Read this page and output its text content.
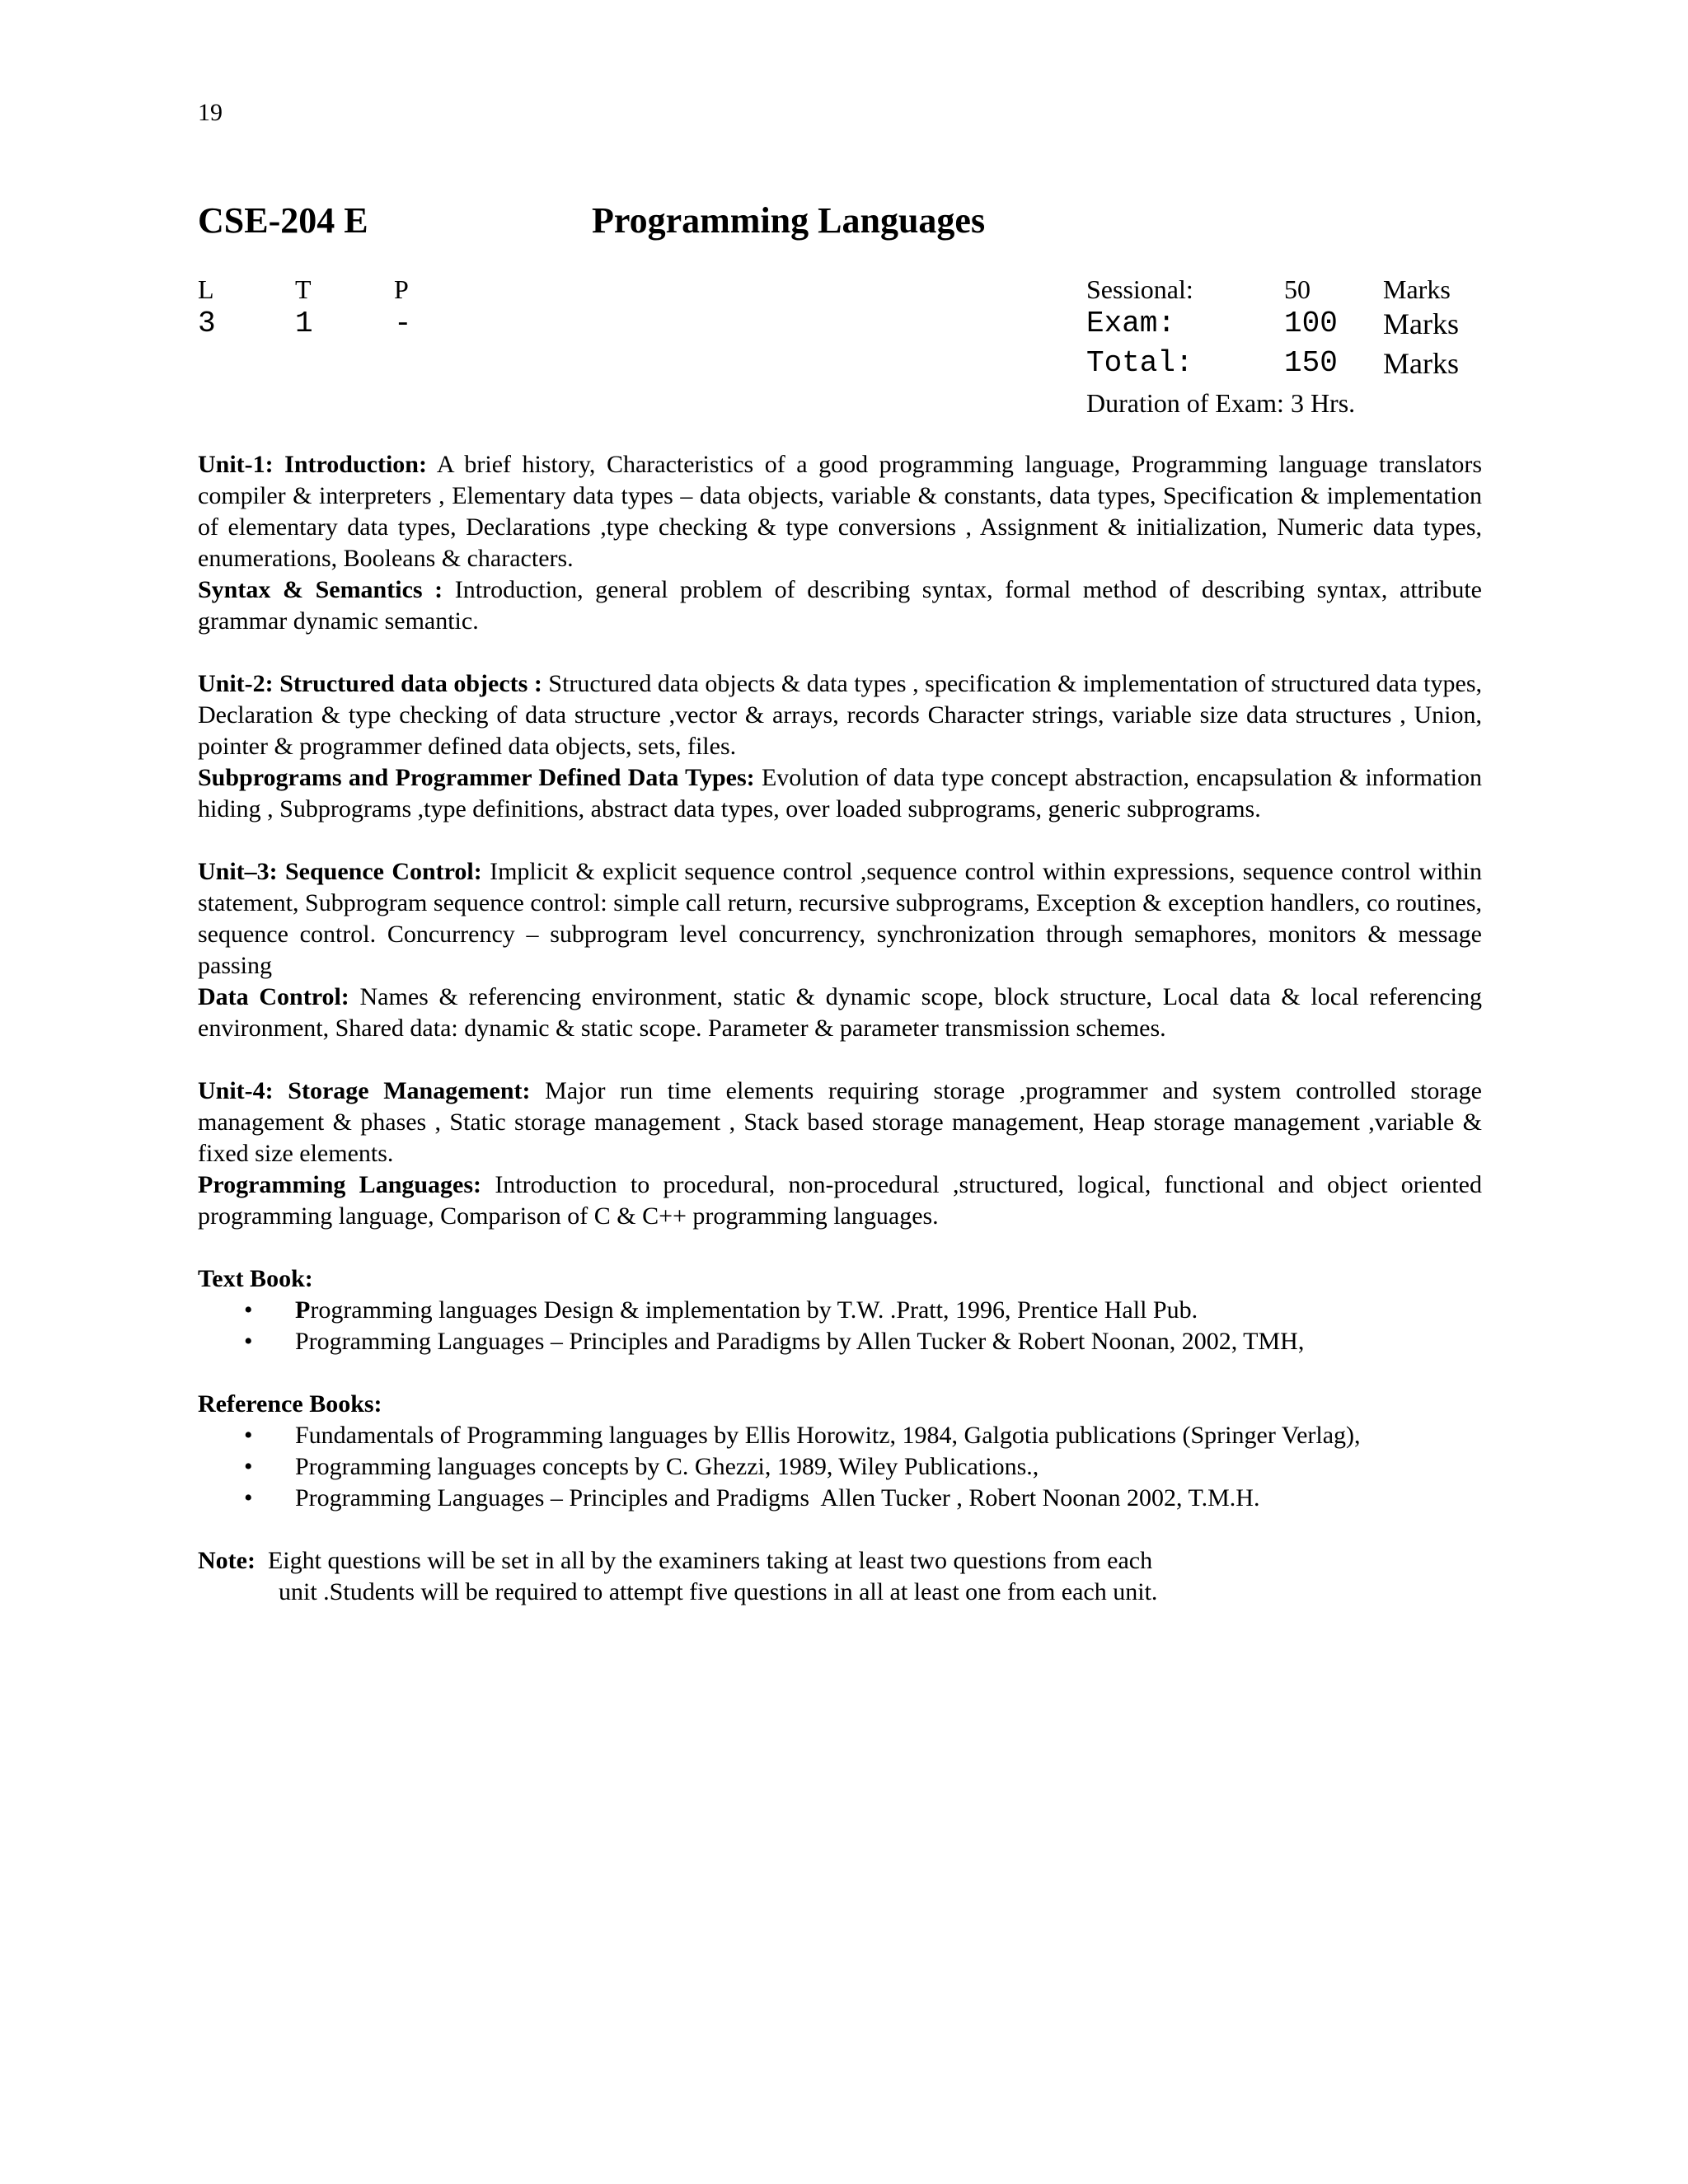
19
CSE-204 E	Programming Languages
L	T	P
3	1	-
Sessional:	50	Marks
Exam:	100 Marks
Total:	150 Marks
Duration of Exam: 3 Hrs.

Unit-1: Introduction: A brief history, Characteristics of a good programming language, Programming language translators compiler & interpreters , Elementary data types – data objects, variable & constants, data types, Specification & implementation of elementary data types, Declarations ,type checking & type conversions , Assignment & initialization, Numeric data types, enumerations, Booleans & characters.

Syntax & Semantics : Introduction, general problem of describing syntax, formal method of describing syntax, attribute grammar dynamic semantic.

Unit-2: Structured data objects : Structured data objects & data types , specification & implementation of structured data types, Declaration & type checking of data structure ,vector & arrays, records Character strings, variable size data structures , Union, pointer & programmer defined data objects, sets, files.

Subprograms and Programmer Defined Data Types: Evolution of data type concept abstraction, encapsulation & information hiding , Subprograms ,type definitions, abstract data types, over loaded subprograms, generic subprograms.

Unit–3: Sequence Control: Implicit & explicit sequence control ,sequence control within expressions, sequence control within statement, Subprogram sequence control: simple call return, recursive subprograms, Exception & exception handlers, co routines, sequence control. Concurrency – subprogram level concurrency, synchronization through semaphores, monitors & message passing

Data Control: Names & referencing environment, static & dynamic scope, block structure, Local data & local referencing environment, Shared data: dynamic & static scope. Parameter & parameter transmission schemes.

Unit-4: Storage Management: Major run time elements requiring storage ,programmer and system controlled storage management & phases , Static storage management , Stack based storage management, Heap storage management ,variable & fixed size elements.

Programming Languages: Introduction to procedural, non-procedural ,structured, logical, functional and object oriented programming language, Comparison of C & C++ programming languages.

Text Book:
• Programming languages Design & implementation by T.W. .Pratt, 1996, Prentice Hall Pub.
• Programming Languages – Principles and Paradigms by Allen Tucker & Robert Noonan, 2002, TMH,
Reference Books:
• Fundamentals of Programming languages by Ellis Horowitz, 1984, Galgotia publications (Springer Verlag),
• Programming languages concepts by C. Ghezzi, 1989, Wiley Publications.,
• Programming Languages – Principles and Pradigms  Allen Tucker , Robert Noonan 2002, T.M.H.
Note:  Eight questions will be set in all by the examiners taking at least two questions from each
unit .Students will be required to attempt five questions in all at least one from each unit.
